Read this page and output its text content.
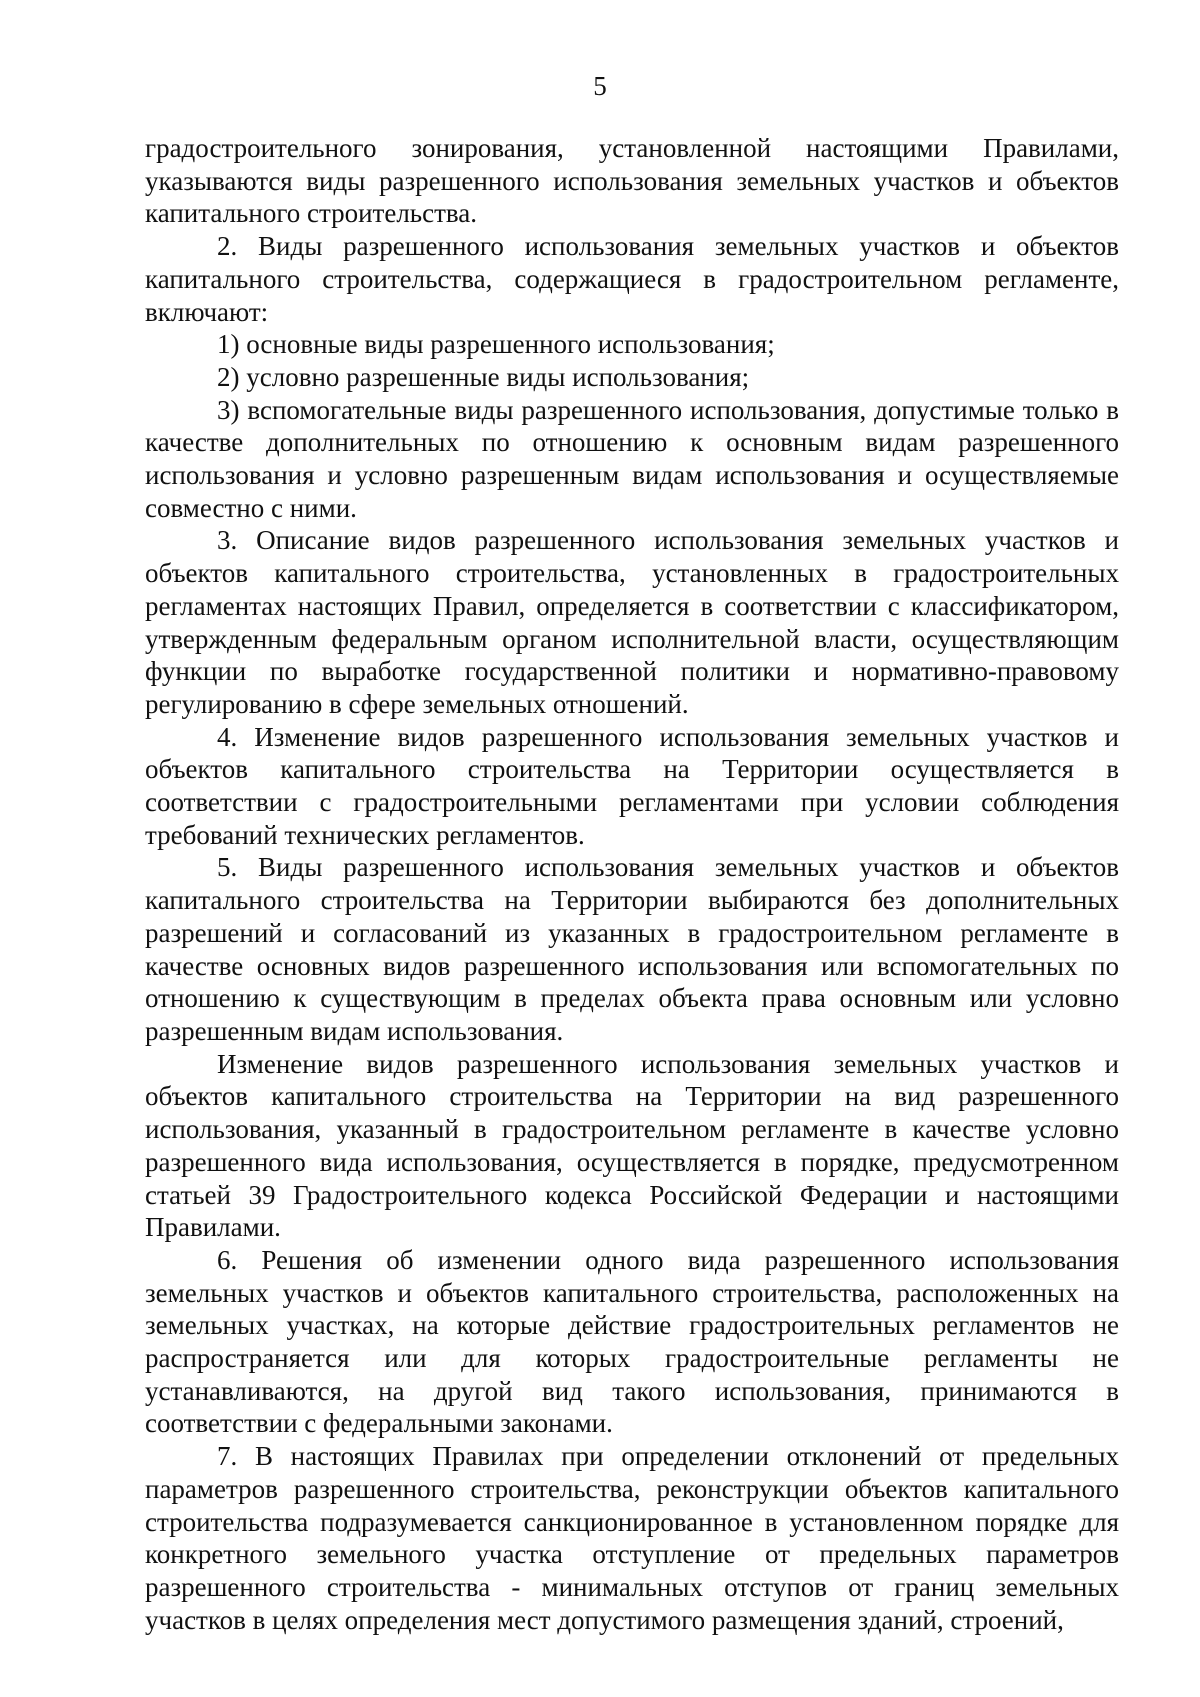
5

градостроительного зонирования, установленной настоящими Правилами, указываются виды разрешенного использования земельных участков и объектов капитального строительства.

2. Виды разрешенного использования земельных участков и объектов капитального строительства, содержащиеся в градостроительном регламенте, включают:

1) основные виды разрешенного использования;

2) условно разрешенные виды использования;

3) вспомогательные виды разрешенного использования, допустимые только в качестве дополнительных по отношению к основным видам разрешенного использования и условно разрешенным видам использования и осуществляемые совместно с ними.

3. Описание видов разрешенного использования земельных участков и объектов капитального строительства, установленных в градостроительных регламентах настоящих Правил, определяется в соответствии с классификатором, утвержденным федеральным органом исполнительной власти, осуществляющим функции по выработке государственной политики и нормативно-правовому регулированию в сфере земельных отношений.

4. Изменение видов разрешенного использования земельных участков и объектов капитального строительства на Территории осуществляется в соответствии с градостроительными регламентами при условии соблюдения требований технических регламентов.

5. Виды разрешенного использования земельных участков и объектов капитального строительства на Территории выбираются без дополнительных разрешений и согласований из указанных в градостроительном регламенте в качестве основных видов разрешенного использования или вспомогательных по отношению к существующим в пределах объекта права основным или условно разрешенным видам использования.

Изменение видов разрешенного использования земельных участков и объектов капитального строительства на Территории на вид разрешенного использования, указанный в градостроительном регламенте в качестве условно разрешенного вида использования, осуществляется в порядке, предусмотренном статьей 39 Градостроительного кодекса Российской Федерации и настоящими Правилами.

6. Решения об изменении одного вида разрешенного использования земельных участков и объектов капитального строительства, расположенных на земельных участках, на которые действие градостроительных регламентов не распространяется или для которых градостроительные регламенты не устанавливаются, на другой вид такого использования, принимаются в соответствии с федеральными законами.

7. В настоящих Правилах при определении отклонений от предельных параметров разрешенного строительства, реконструкции объектов капитального строительства подразумевается санкционированное в установленном порядке для конкретного земельного участка отступление от предельных параметров разрешенного строительства - минимальных отступов от границ земельных участков в целях определения мест допустимого размещения зданий, строений,
